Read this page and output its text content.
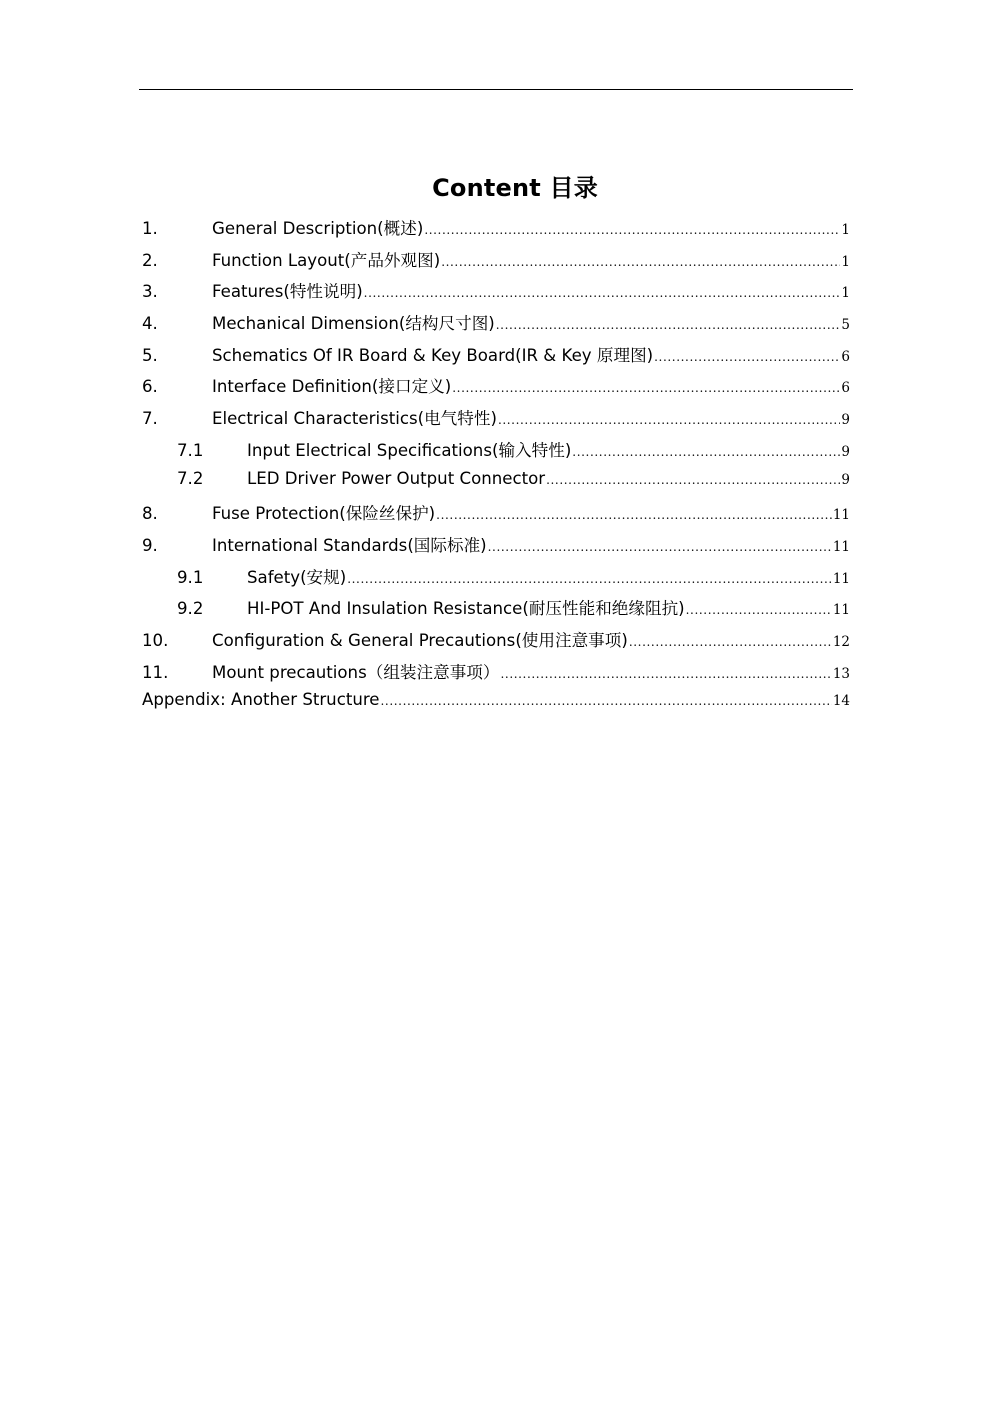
Content 目录
1.	General Description(概述) .....	1
2.	Function Layout(产品外观图) .....	1
3.	Features(特性说明) .....	1
4.	Mechanical Dimension(结构尺寸图) .....	5
5.	Schematics Of IR Board & Key Board(IR & Key 原理图) .....	6
6.	Interface Definition(接口定义) .....	6
7.	Electrical Characteristics(电气特性) .....	9
7.1	Input Electrical Specifications(输入特性) .....	9
7.2	LED Driver Power Output Connector .....	9
8.	Fuse Protection(保险丝保护) .....	11
9.	International Standards(国际标准) .....	11
9.1	Safety(安规) .....	11
9.2	HI-POT And Insulation Resistance(耐压性能和绝缘阻抗) .....	11
10.	Configuration & General Precautions(使用注意事项) .....	12
11.	Mount precautions（组装注意事项） .....	13
Appendix: Another Structure .....	14
